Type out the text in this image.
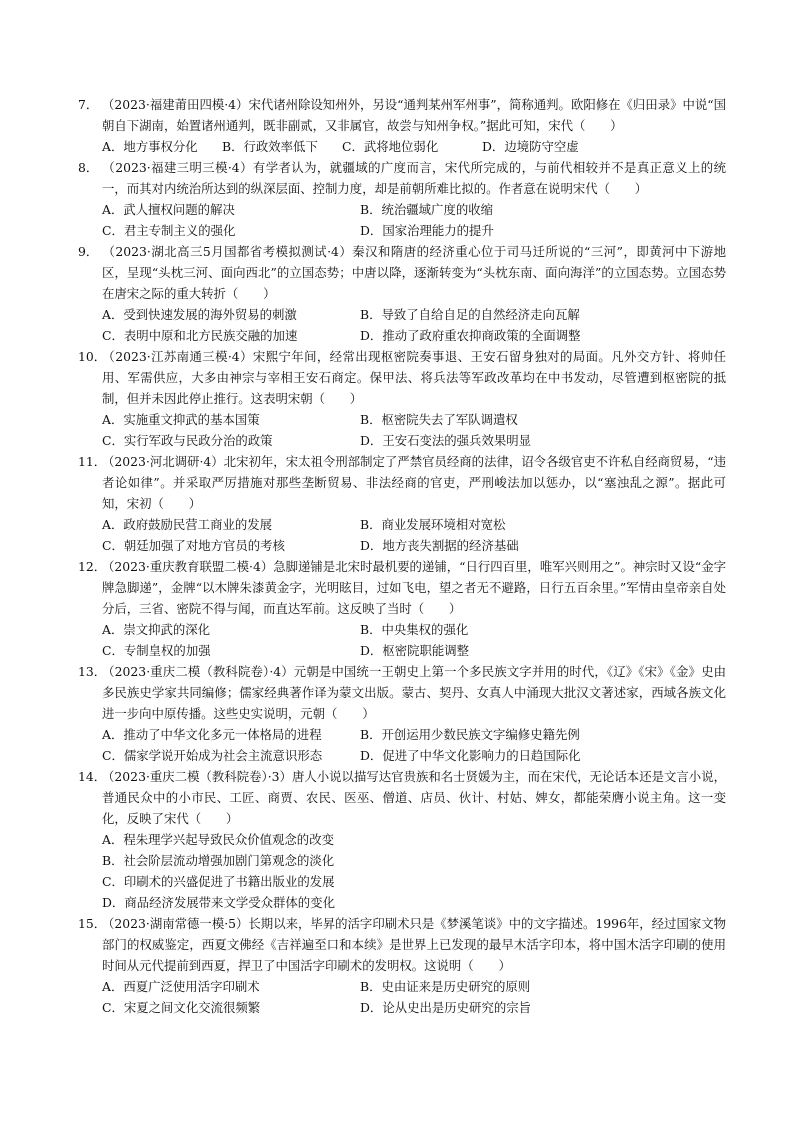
7． （2023·福建莆田四模·4）宋代诸州除设知州外，另设“通判某州军州事”，简称通判。欧阳修在《归田录》中说“国朝自下湖南，始置诸州通判，既非副贰，又非属官，故尝与知州争权。”据此可知，宋代（　　）
A．地方事权分化	B．行政效率低下	C．武将地位弱化	D．边境防守空虚
8． （2023·福建三明三模·4）有学者认为，就疆域的广度而言，宋代所完成的，与前代相较并不是真正意义上的统一，而其对内统治所达到的纵深层面、控制力度，却是前朝所难比拟的。作者意在说明宋代（　　）
A．武人擅权问题的解决	B．统治疆域广度的收缩
C．君主专制主义的强化	D．国家治理能力的提升
9． （2023·湖北高三5月国都省考模拟测试·4）秦汉和隋唐的经济重心位于司马迁所说的“三河”，即黄河中下游地区，呈现“头枕三河、面向西北”的立国态势；中唐以降，逐渐转变为“头枕东南、面向海洋”的立国态势。立国态势在唐宋之际的重大转折（　　）
A．受到快速发展的海外贸易的刺激	B．导致了自给自足的自然经济走向瓦解
C．表明中原和北方民族交融的加速	D．推动了政府重农抑商政策的全面调整
10．（2023·江苏南通三模·4）宋熙宁年间，经常出现枢密院奏事退、王安石留身独对的局面。凡外交方针、将帅任用、军需供应，大多由神宗与宰相王安石商定。保甲法、将兵法等军政改革均在中书发动，尽管遭到枢密院的抵制，但并未因此停止推行。这表明宋朝（　　）
A．实施重文抑武的基本国策	B．枢密院失去了军队调遣权
C．实行军政与民政分治的政策	D．王安石变法的强兵效果明显
11．（2023·河北调研·4）北宋初年，宋太祖令刑部制定了严禁官员经商的法律，诏令各级官吏不许私自经商贸易，“违者论如律”。并采取严厉措施对那些垄断贸易、非法经商的官吏，严刑峻法加以惩办，以“塞浊乱之源”。据此可知，宋初（　　）
A．政府鼓励民营工商业的发展	B．商业发展环境相对宽松
C．朝廷加强了对地方官员的考核	D．地方丧失割据的经济基础
12．（2023·重庆教育联盟二模·4）急脚递铺是北宋时最机要的递铺，“日行四百里，唯军兴则用之”。神宗时又设“金字牌急脚递”，金牌“以木牌朱漆黄金字，光明眩目，过如飞电，望之者无不避路，日行五百余里。”军情由皇帝亲自处分后，三省、密院不得与闻，而直达军前。这反映了当时（　　）
A．崇文抑武的深化	B．中央集权的强化
C．专制皇权的加强	D．枢密院职能调整
13．（2023·重庆二模（教科院卷）·4）元朝是中国统一王朝史上第一个多民族文字并用的时代，《辽》《宋》《金》史由多民族史学家共同编修；儒家经典著作译为蒙文出版。蒙古、契丹、女真人中涌现大批汉文著述家，西域各族文化进一步向中原传播。这些史实说明，元朝（　　）
A．推动了中华文化多元一体格局的进程	B．开创运用少数民族文字编修史籍先例
C．儒家学说开始成为社会主流意识形态	D．促进了中华文化影响力的日趋国际化
14．（2023·重庆二模（教科院卷）·3）唐人小说以描写达官贵族和名士贤媛为主，而在宋代，无论话本还是文言小说，普通民众中的小市民、工匠、商贾、农民、医巫、僧道、店员、伙计、村姑、婢女，都能荣膺小说主角。这一变化，反映了宋代（　　）
A．程朱理学兴起导致民众价值观念的改变
B．社会阶层流动增强加剧门第观念的淡化
C．印刷术的兴盛促进了书籍出版业的发展
D．商品经济发展带来文学受众群体的变化
15．（2023·湖南常德一模·5）长期以来，毕昇的活字印刷术只是《梦溪笔谈》中的文字描述。1996年，经过国家文物部门的权威鉴定，西夏文佛经《吉祥遍至口和本续》是世界上已发现的最早木活字印本，将中国木活字印刷的使用时间从元代提前到西夏，捍卫了中国活字印刷术的发明权。这说明（　　）
A．西夏广泛使用活字印刷术	B．史由证来是历史研究的原则
C．宋夏之间文化交流很频繁	D．论从史出是历史研究的宗旨
